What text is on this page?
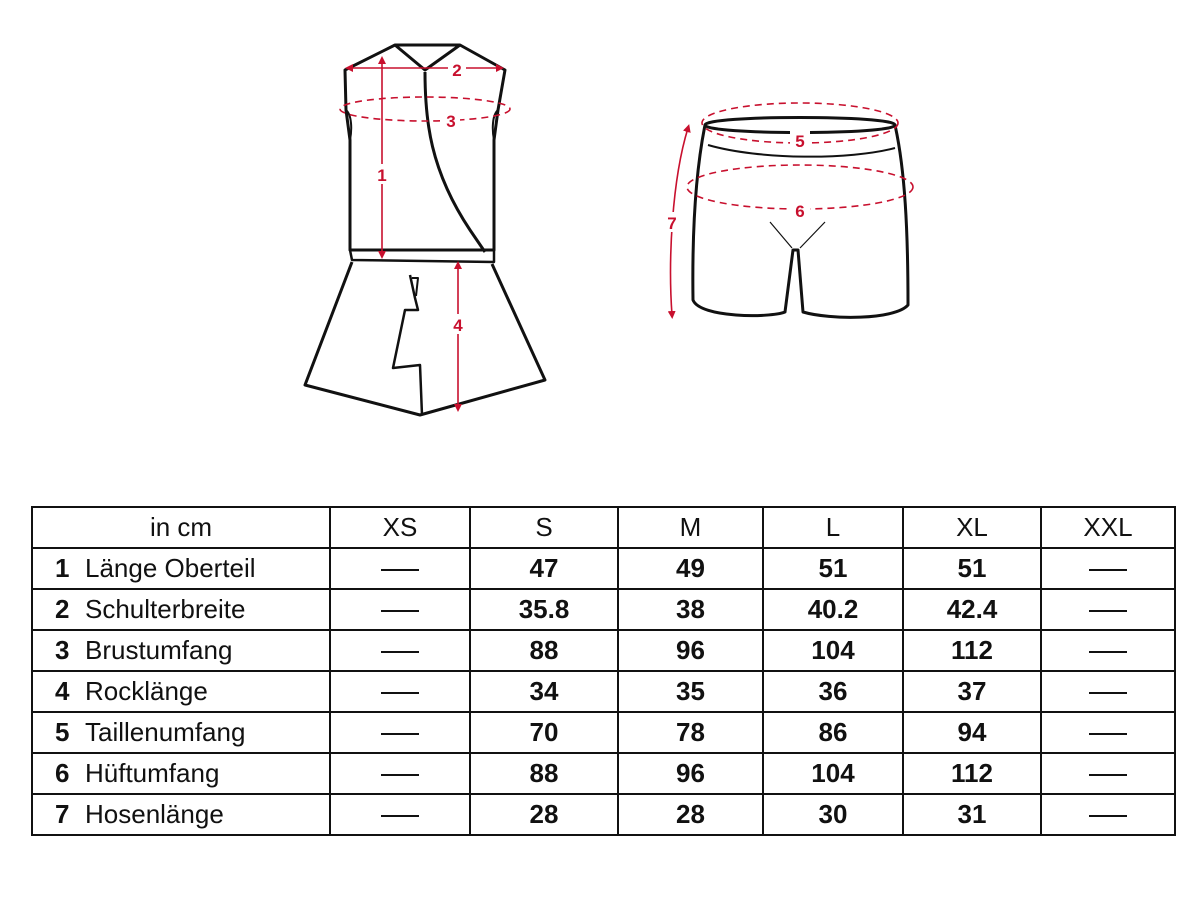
2
3
1
4
5
6
7
in cm	XS	S	M	L	XL	XXL
1 Länge Oberteil		47	49	51	51	
2 Schulterbreite		35.8	38	40.2	42.4	
3 Brustumfang		88	96	104	112	
4 Rocklänge		34	35	36	37	
5 Taillenumfang		70	78	86	94	
6 Hüftumfang		88	96	104	112	
7 Hosenlänge		28	28	30	31	
